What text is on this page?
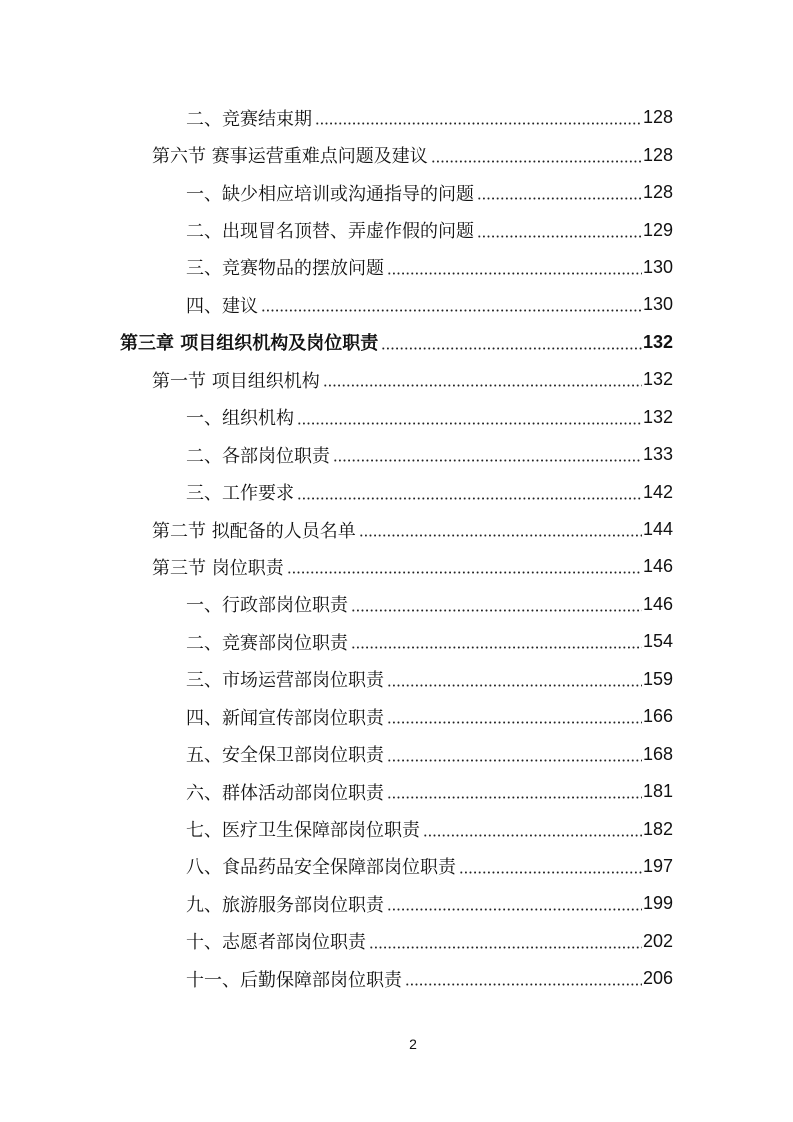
二、竞赛结束期	128
第六节 赛事运营重难点问题及建议	128
一、缺少相应培训或沟通指导的问题	128
二、出现冒名顶替、弄虚作假的问题	129
三、竞赛物品的摆放问题	130
四、建议	130
第三章 项目组织机构及岗位职责	132
第一节 项目组织机构	132
一、组织机构	132
二、各部岗位职责	133
三、工作要求	142
第二节 拟配备的人员名单	144
第三节 岗位职责	146
一、行政部岗位职责	146
二、竞赛部岗位职责	154
三、市场运营部岗位职责	159
四、新闻宣传部岗位职责	166
五、安全保卫部岗位职责	168
六、群体活动部岗位职责	181
七、医疗卫生保障部岗位职责	182
八、食品药品安全保障部岗位职责	197
九、旅游服务部岗位职责	199
十、志愿者部岗位职责	202
十一、后勤保障部岗位职责	206
2
